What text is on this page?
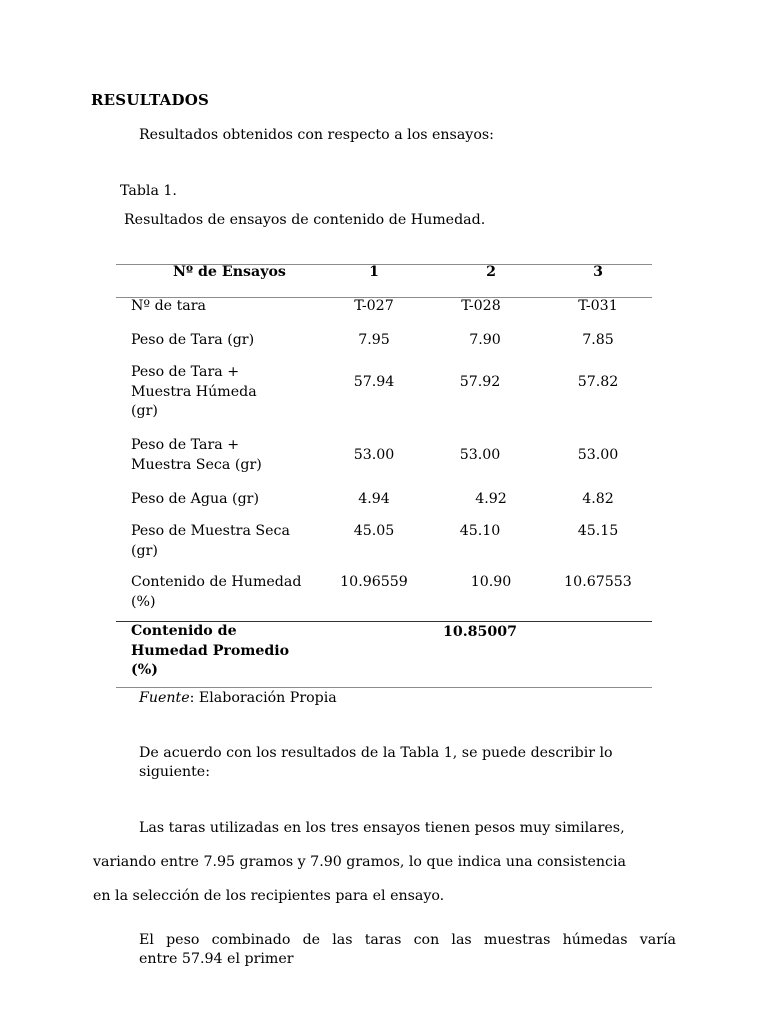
RESULTADOS
Resultados obtenidos con respecto a los ensayos:
Tabla 1.
Resultados de ensayos de contenido de Humedad.
Nº de Ensayos	1	2	3
Nº de tara	T-027	T-028	T-031
Peso de Tara (gr)	7.95	7.90	7.85
Peso de Tara +
Muestra Húmeda
(gr)
57.94	57.92	57.82
Peso de Tara +
Muestra Seca (gr)
53.00	53.00	53.00
Peso de Agua (gr)	4.94	4.92	4.82
Peso de Muestra Seca
(gr)
45.05	45.10	45.15
Contenido de Humedad
(%)
10.96559	10.90	10.67553
Contenido de
Humedad Promedio
(%)
10.85007
Fuente: Elaboración Propia
De acuerdo con los resultados de la Tabla 1, se puede describir lo
siguiente:
Las taras utilizadas en los tres ensayos tienen pesos muy similares,
variando entre 7.95 gramos y 7.90 gramos, lo que indica una consistencia
en la selección de los recipientes para el ensayo.
El peso combinado de las taras con las muestras húmedas varía
entre 57.94 el primer
